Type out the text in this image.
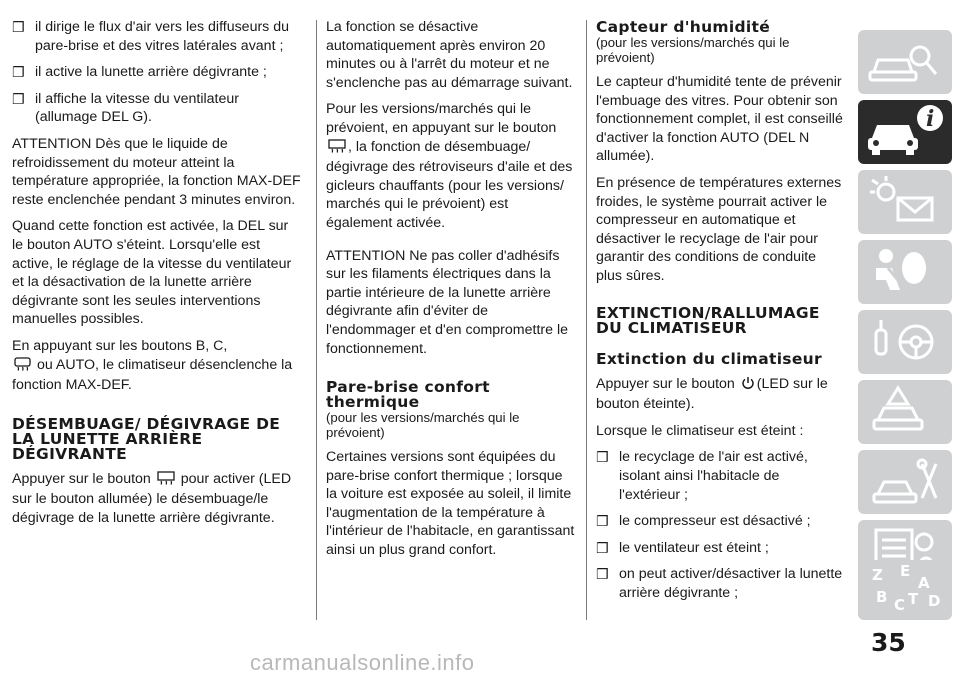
❒ il dirige le flux d'air vers les diffuseurs du pare-brise et des vitres latérales avant ;
❒ il active la lunette arrière dégivrante ;
❒ il affiche la vitesse du ventilateur (allumage DEL G).

ATTENTION Dès que le liquide de refroidissement du moteur atteint la température appropriée, la fonction MAX-DEF reste enclenchée pendant 3 minutes environ.

Quand cette fonction est activée, la DEL sur le bouton AUTO s'éteint. Lorsqu'elle est active, le réglage de la vitesse du ventilateur et la désactivation de la lunette arrière dégivrante sont les seules interventions manuelles possibles.

En appuyant sur les boutons B, C,
ou AUTO, le climatiseur désenclenche la fonction MAX-DEF.

DÉSEMBUAGE/ DÉGIVRAGE DE LA LUNETTE ARRIÈRE DÉGIVRANTE

Appuyer sur le bouton pour activer (LED sur le bouton allumée) le désembuage/le dégivrage de la lunette arrière dégivrante.

La fonction se désactive automatiquement après environ 20 minutes ou à l'arrêt du moteur et ne s'enclenche pas au démarrage suivant.

Pour les versions/marchés qui le prévoient, en appuyant sur le bouton
, la fonction de désembuage/ dégivrage des rétroviseurs d'aile et des gicleurs chauffants (pour les versions/ marchés qui le prévoient) est également activée.

ATTENTION Ne pas coller d'adhésifs sur les filaments électriques dans la partie intérieure de la lunette arrière dégivrante afin d'éviter de l'endommager et d'en compromettre le fonctionnement.

Pare-brise confort thermique
(pour les versions/marchés qui le prévoient)

Certaines versions sont équipées du pare-brise confort thermique ; lorsque la voiture est exposée au soleil, il limite l'augmentation de la température à l'intérieur de l'habitacle, en garantissant ainsi un plus grand confort.

Capteur d'humidité
(pour les versions/marchés qui le prévoient)

Le capteur d'humidité tente de prévenir l'embuage des vitres. Pour obtenir son fonctionnement complet, il est conseillé d'activer la fonction AUTO (DEL N allumée).

En présence de températures externes froides, le système pourrait activer le compresseur en automatique et désactiver le recyclage de l'air pour garantir des conditions de conduite plus sûres.

EXTINCTION/RALLUMAGE DU CLIMATISEUR
Extinction du climatiseur

Appuyer sur le bouton (LED sur le bouton éteinte).

Lorsque le climatiseur est éteint :

❒ le recyclage de l'air est activé, isolant ainsi l'habitacle de l'extérieur ;
❒ le compresseur est désactivé ;
❒ le ventilateur est éteint ;
❒ on peut activer/désactiver la lunette arrière dégivrante ;
i
Z E
A
B C T D
35
carmanualsonline.info
